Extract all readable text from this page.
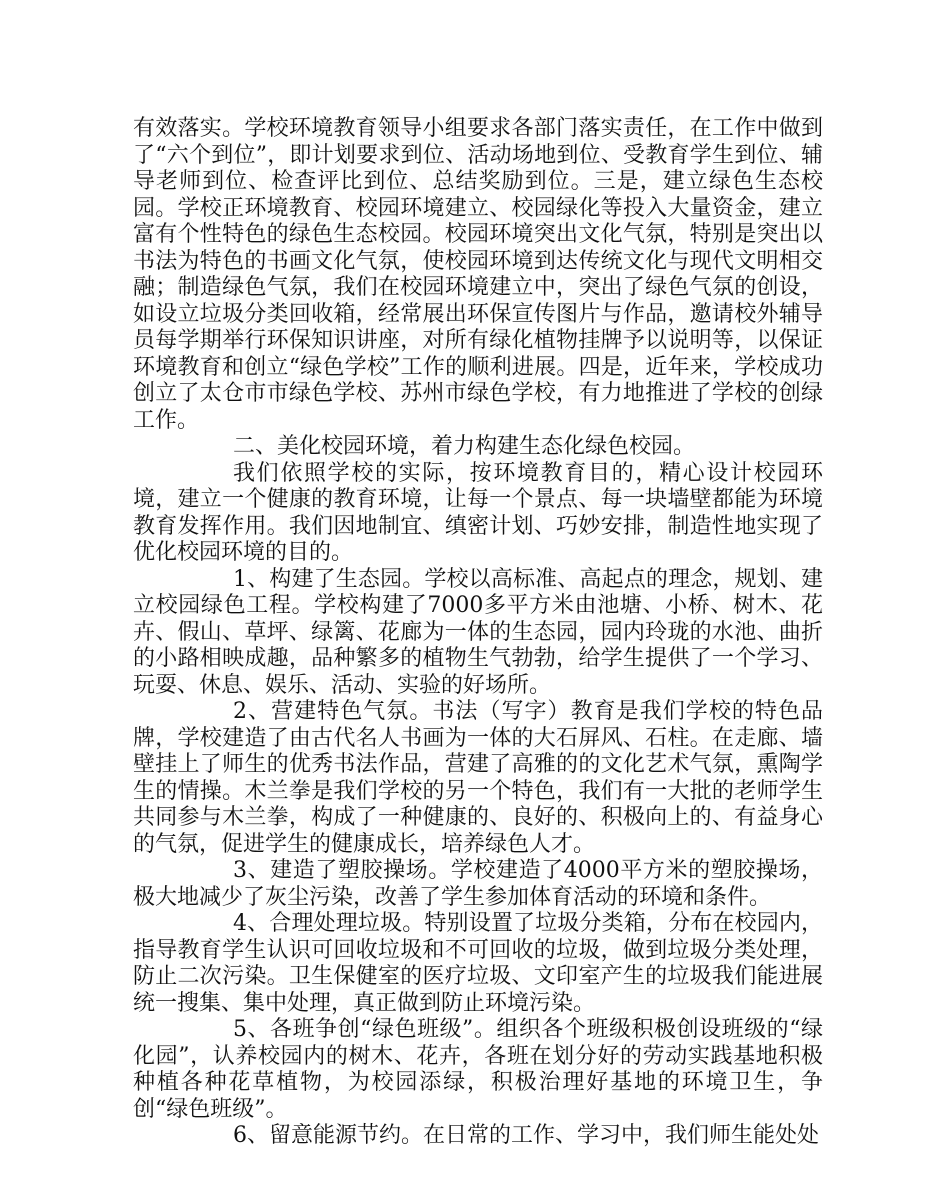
有效落实。学校环境教育领导小组要求各部门落实责任，在工作中做到了“六个到位”，即计划要求到位、活动场地到位、受教育学生到位、辅导老师到位、检查评比到位、总结奖励到位。三是，建立绿色生态校园。学校正环境教育、校园环境建立、校园绿化等投入大量资金，建立富有个性特色的绿色生态校园。校园环境突出文化气氛，特别是突出以书法为特色的书画文化气氛，使校园环境到达传统文化与现代文明相交融；制造绿色气氛，我们在校园环境建立中，突出了绿色气氛的创设，如设立垃圾分类回收箱，经常展出环保宣传图片与作品，邀请校外辅导员每学期举行环保知识讲座，对所有绿化植物挂牌予以说明等，以保证环境教育和创立“绿色学校”工作的顺利进展。四是，近年来，学校成功创立了太仓市市绿色学校、苏州市绿色学校，有力地推进了学校的创绿工作。

二、美化校园环境，着力构建生态化绿色校园。

我们依照学校的实际，按环境教育目的，精心设计校园环境，建立一个健康的教育环境，让每一个景点、每一块墙壁都能为环境教育发挥作用。我们因地制宜、缜密计划、巧妙安排，制造性地实现了优化校园环境的目的。

1、构建了生态园。学校以高标准、高起点的理念，规划、建立校园绿色工程。学校构建了7000多平方米由池塘、小桥、树木、花卉、假山、草坪、绿篱、花廊为一体的生态园，园内玲珑的水池、曲折的小路相映成趣，品种繁多的植物生气勃勃，给学生提供了一个学习、玩耍、休息、娱乐、活动、实验的好场所。

2、营建特色气氛。书法（写字）教育是我们学校的特色品牌，学校建造了由古代名人书画为一体的大石屏风、石柱。在走廊、墙壁挂上了师生的优秀书法作品，营建了高雅的的文化艺术气氛，熏陶学生的情操。木兰拳是我们学校的另一个特色，我们有一大批的老师学生共同参与木兰拳，构成了一种健康的、良好的、积极向上的、有益身心的气氛，促进学生的健康成长，培养绿色人才。

3、建造了塑胶操场。学校建造了4000平方米的塑胶操场，极大地减少了灰尘污染，改善了学生参加体育活动的环境和条件。

4、合理处理垃圾。特别设置了垃圾分类箱，分布在校园内，指导教育学生认识可回收垃圾和不可回收的垃圾，做到垃圾分类处理，防止二次污染。卫生保健室的医疗垃圾、文印室产生的垃圾我们能进展统一搜集、集中处理，真正做到防止环境污染。

5、各班争创“绿色班级”。组织各个班级积极创设班级的“绿化园”，认养校园内的树木、花卉，各班在划分好的劳动实践基地积极种植各种花草植物，为校园添绿，积极治理好基地的环境卫生，争创“绿色班级”。

6、留意能源节约。在日常的工作、学习中，我们师生能处处
